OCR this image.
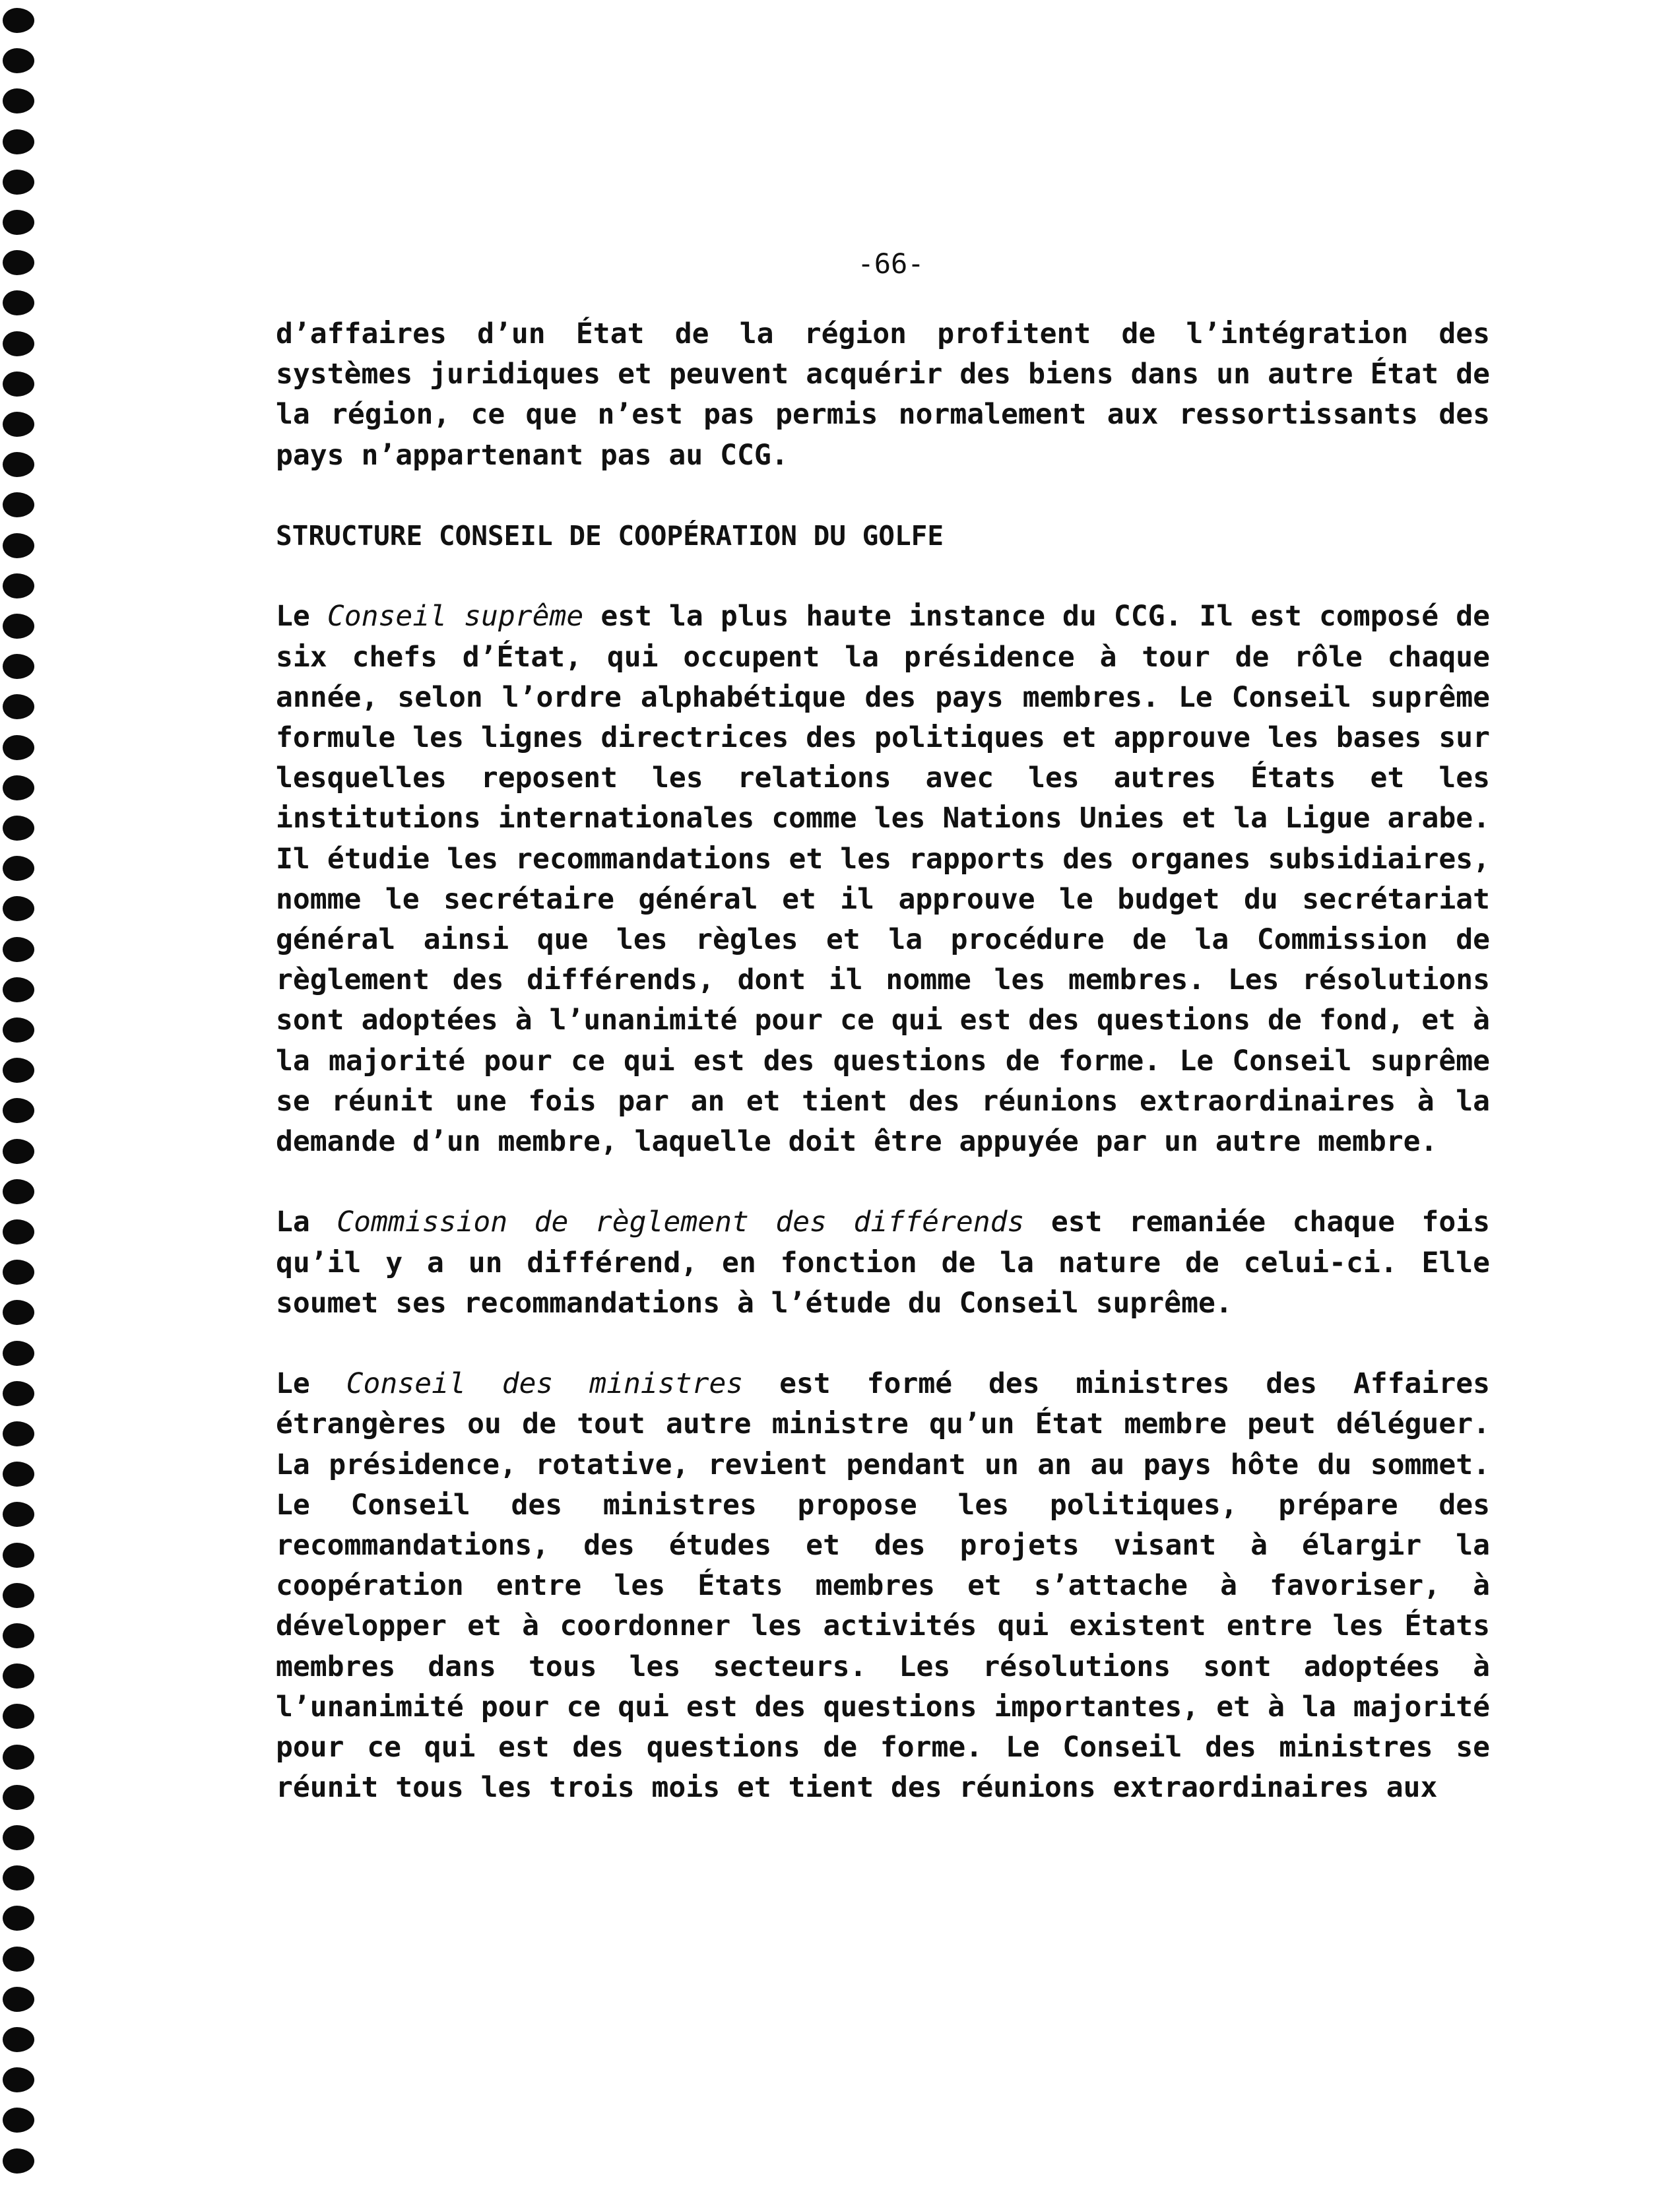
-66-

d’affaires d’un État de la région profitent de l’intégration des systèmes juridiques et peuvent acquérir des biens dans un autre État de la région, ce que n’est pas permis normalement aux ressortissants des pays n’appartenant pas au CCG.

STRUCTURE CONSEIL DE COOPÉRATION DU GOLFE

Le Conseil suprême est la plus haute instance du CCG. Il est composé de six chefs d’État, qui occupent la présidence à tour de rôle chaque année, selon l’ordre alphabétique des pays membres. Le Conseil suprême formule les lignes directrices des politiques et approuve les bases sur lesquelles reposent les relations avec les autres États et les institutions internationales comme les Nations Unies et la Ligue arabe. Il étudie les recommandations et les rapports des organes subsidiaires, nomme le secrétaire général et il approuve le budget du secrétariat général ainsi que les règles et la procédure de la Commission de règlement des différends, dont il nomme les membres. Les résolutions sont adoptées à l’unanimité pour ce qui est des questions de fond, et à la majorité pour ce qui est des questions de forme. Le Conseil suprême se réunit une fois par an et tient des réunions extraordinaires à la demande d’un membre, laquelle doit être appuyée par un autre membre.

La Commission de règlement des différends est remaniée chaque fois qu’il y a un différend, en fonction de la nature de celui-ci. Elle soumet ses recommandations à l’étude du Conseil suprême.

Le Conseil des ministres est formé des ministres des Affaires étrangères ou de tout autre ministre qu’un État membre peut déléguer. La présidence, rotative, revient pendant un an au pays hôte du sommet. Le Conseil des ministres propose les politiques, prépare des recommandations, des études et des projets visant à élargir la coopération entre les États membres et s’attache à favoriser, à développer et à coordonner les activités qui existent entre les États membres dans tous les secteurs. Les résolutions sont adoptées à l’unanimité pour ce qui est des questions importantes, et à la majorité pour ce qui est des questions de forme. Le Conseil des ministres se réunit tous les trois mois et tient des réunions extraordinaires aux
